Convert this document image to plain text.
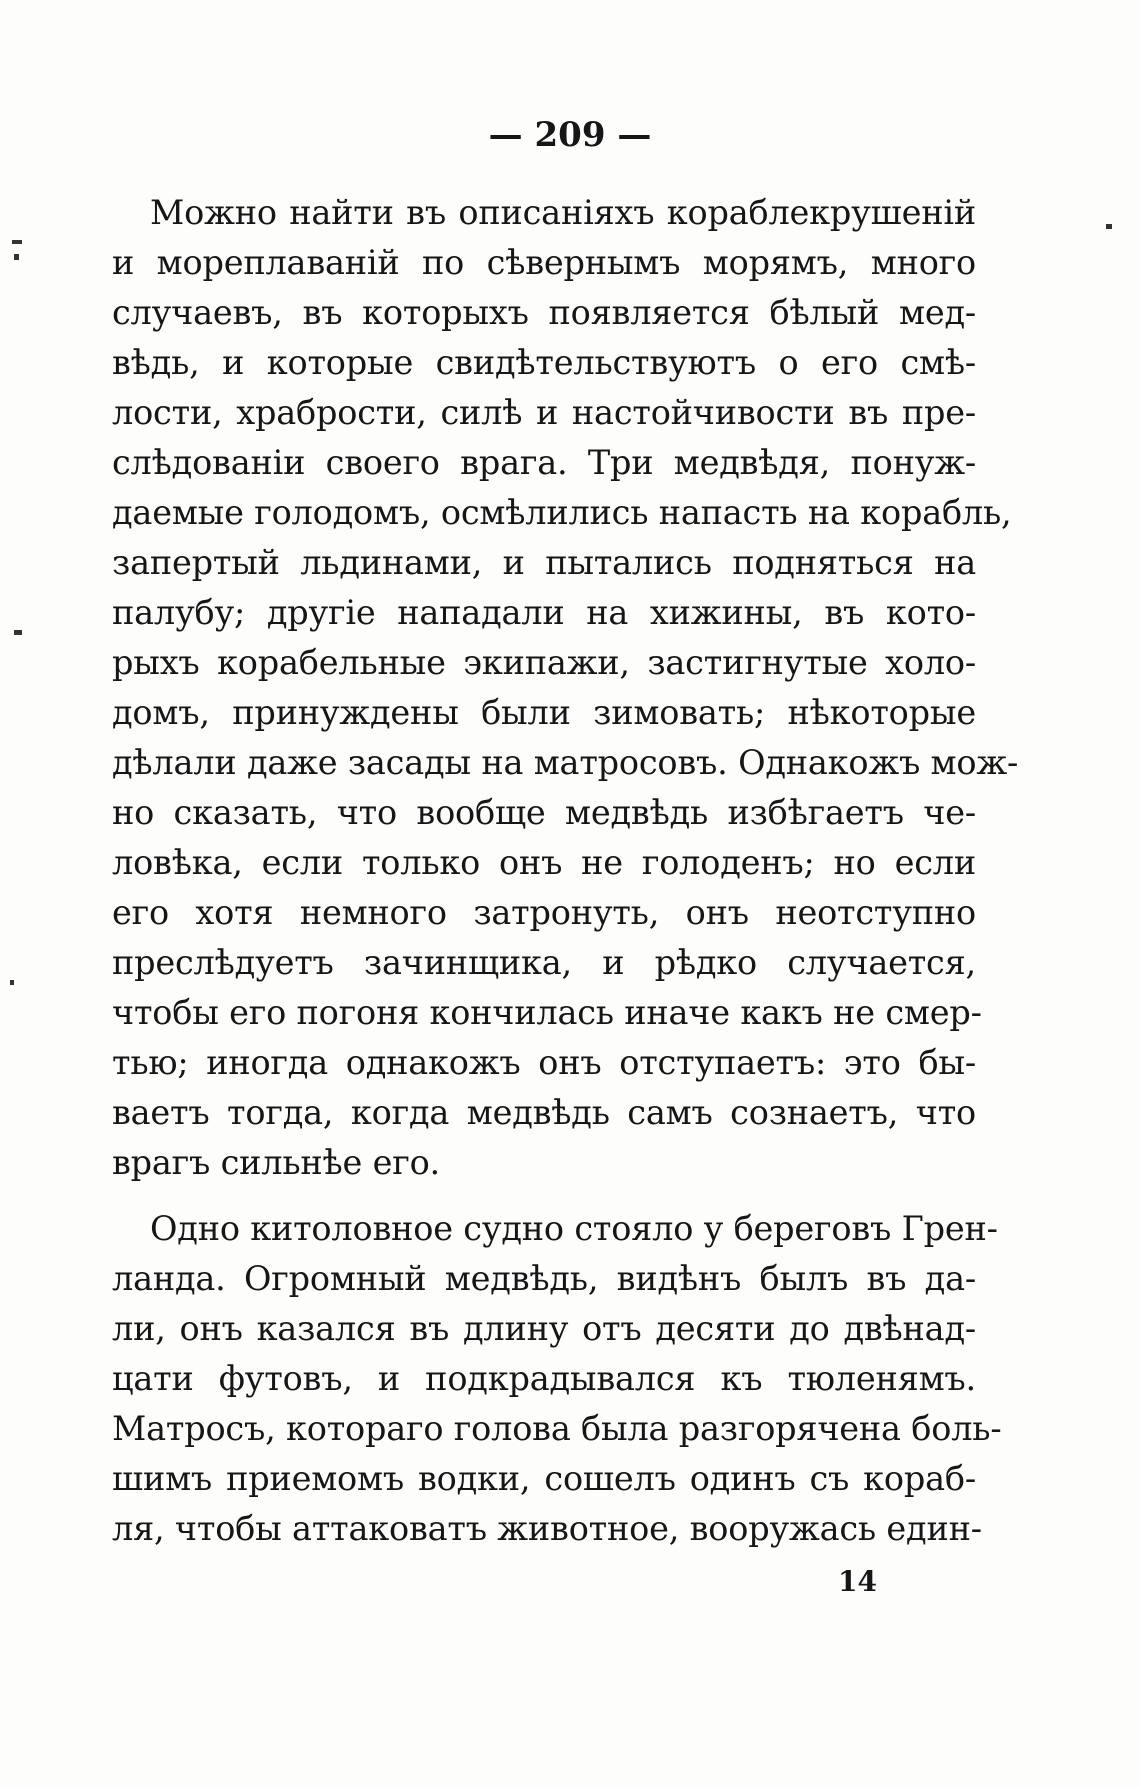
— 209 —
Можно найти въ описаніяхъ кораблекрушеній
и мореплаваній по сѣвернымъ морямъ, много
случаевъ, въ которыхъ появляется бѣлый мед-
вѣдь, и которые свидѣтельствуютъ о его смѣ-
лости, храбрости, силѣ и настойчивости въ пре-
слѣдованіи своего врага. Три медвѣдя, понуж-
даемые голодомъ, осмѣлились напасть на корабль,
запертый льдинами, и пытались подняться на
палубу; другіе нападали на хижины, въ кото-
рыхъ корабельные экипажи, застигнутые холо-
домъ, принуждены были зимовать; нѣкоторые
дѣлали даже засады на матросовъ. Однакожъ мож-
но сказать, что вообще медвѣдь избѣгаетъ че-
ловѣка, если только онъ не голоденъ; но если
его хотя немного затронуть, онъ неотступно
преслѣдуетъ зачинщика, и рѣдко случается,
чтобы его погоня кончилась иначе какъ не смер-
тью; иногда однакожъ онъ отступаетъ: это бы-
ваетъ тогда, когда медвѣдь самъ сознаетъ, что
врагъ сильнѣе его.
Одно китоловное судно стояло у береговъ Грен-
ланда. Огромный медвѣдь, видѣнъ былъ въ да-
ли, онъ казался въ длину отъ десяти до двѣнад-
цати футовъ, и подкрадывался къ тюленямъ.
Матросъ, котораго голова была разгорячена боль-
шимъ приемомъ водки, сошелъ одинъ съ кораб-
ля, чтобы аттаковатъ животное, вооружась един-
14
